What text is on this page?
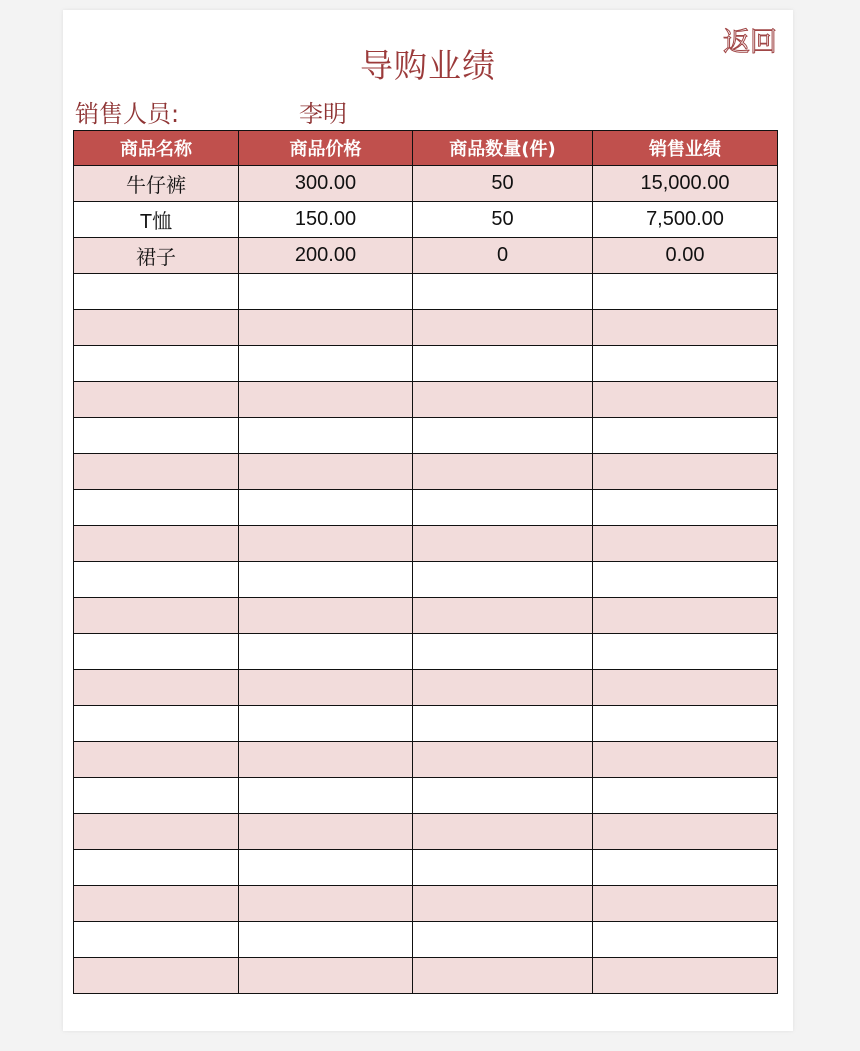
导购业绩
返回
销售人员:	李明
商品名称	商品价格	商品数量(件)	销售业绩
牛仔裤	300.00	50	15,000.00
T恤	150.00	50	7,500.00
裙子	200.00	0	0.00
